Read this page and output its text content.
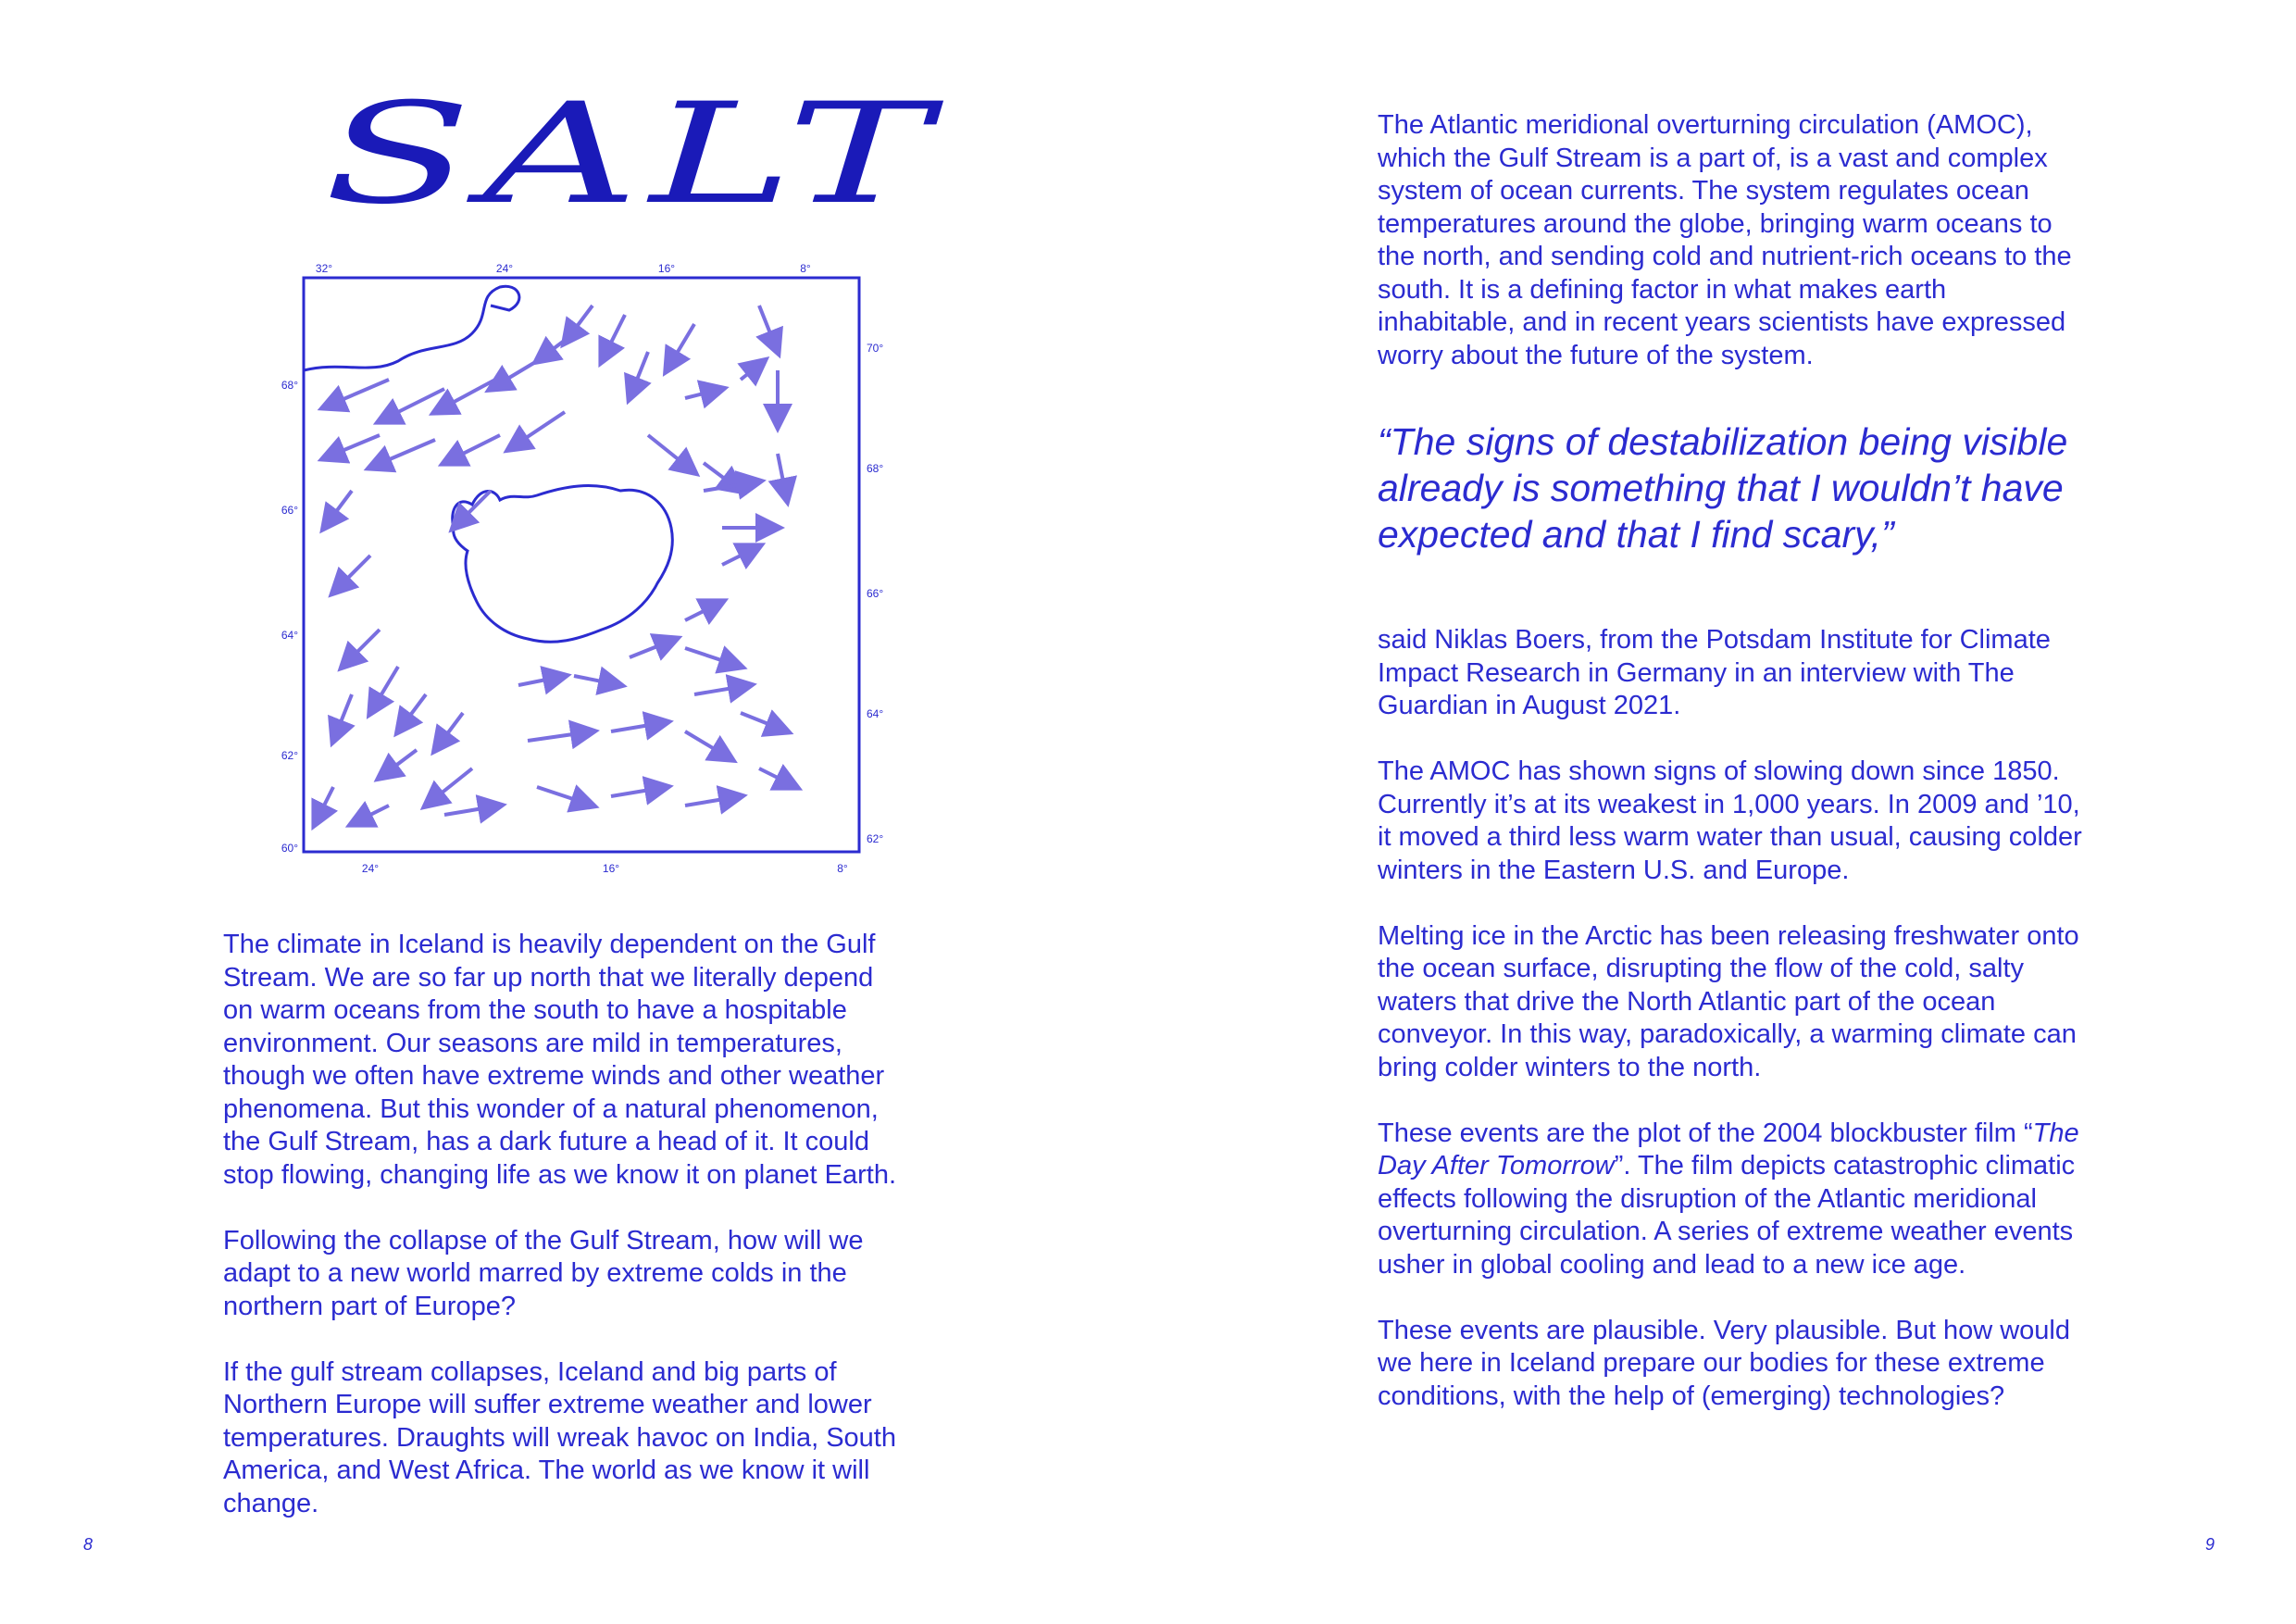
SALT
32°	24°	16°	8°
24°	16°	8°
68°
66°
64°
62°
60°
70°
68°
66°
64°
62°

The climate in Iceland is heavily dependent on the Gulf Stream. We are so far up north that we literally depend on warm oceans from the south to have a hospitable environment. Our seasons are mild in temperatures, though we often have extreme winds and other weather phenomena. But this wonder of a natural phenomenon, the Gulf Stream, has a dark future a head of it. It could stop flowing, changing life as we know it on planet Earth.

Following the collapse of the Gulf Stream, how will we adapt to a new world marred by extreme colds in the northern part of Europe?

If the gulf stream collapses, Iceland and big parts of Northern Europe will suffer extreme weather and lower temperatures. Draughts will wreak havoc on India, South America, and West Africa. The world as we know it will change.

The Atlantic meridional overturning circulation (AMOC), which the Gulf Stream is a part of, is a vast and complex system of ocean currents. The system regulates ocean temperatures around the globe, bringing warm oceans to the north, and sending cold and nutrient-rich oceans to the south. It is a defining factor in what makes earth inhabitable, and in recent years scientists have expressed worry about the future of the system.

“The signs of destabilization being visible already is something that I wouldn’t have expected and that I find scary,”

said Niklas Boers, from the Potsdam Institute for Climate Impact Research in Germany in an interview with The Guardian in August 2021.

The AMOC has shown signs of slowing down since 1850. Currently it’s at its weakest in 1,000 years. In 2009 and ’10, it moved a third less warm water than usual, causing colder winters in the Eastern U.S. and Europe.

Melting ice in the Arctic has been releasing freshwater onto the ocean surface, disrupting the flow of the cold, salty waters that drive the North Atlantic part of the ocean conveyor. In this way, paradoxically, a warming climate can bring colder winters to the north.

These events are the plot of the 2004 blockbuster film “The Day After Tomorrow”. The film depicts catastrophic climatic effects following the disruption of the Atlantic meridional overturning circulation. A series of extreme weather events usher in global cooling and lead to a new ice age.

These events are plausible. Very plausible. But how would we here in Iceland prepare our bodies for these extreme conditions, with the help of (emerging) technologies?

8	9
